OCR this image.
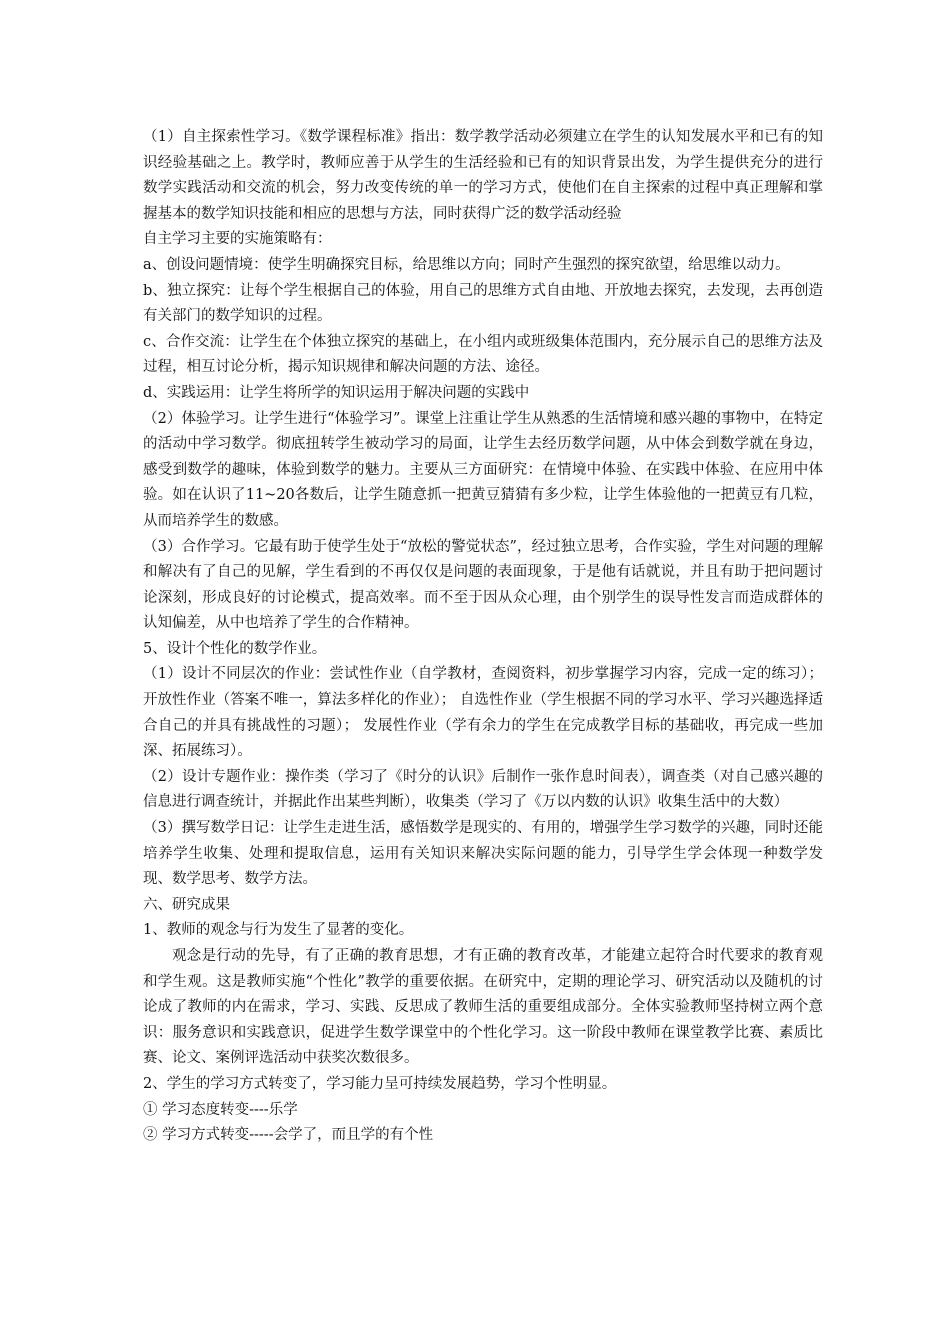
（1）自主探索性学习。《数学课程标准》指出：数学教学活动必须建立在学生的认知发展水平和已有的知识经验基础之上。教学时，教师应善于从学生的生活经验和已有的知识背景出发，为学生提供充分的进行数学实践活动和交流的机会，努力改变传统的单一的学习方式，使他们在自主探索的过程中真正理解和掌握基本的数学知识技能和相应的思想与方法，同时获得广泛的数学活动经验

自主学习主要的实施策略有：

a、创设问题情境：使学生明确探究目标，给思维以方向；同时产生强烈的探究欲望，给思维以动力。

b、独立探究：让每个学生根据自己的体验，用自己的思维方式自由地、开放地去探究，去发现，去再创造有关部门的数学知识的过程。

c、合作交流：让学生在个体独立探究的基础上，在小组内或班级集体范围内，充分展示自己的思维方法及过程，相互讨论分析，揭示知识规律和解决问题的方法、途径。

d、实践运用：让学生将所学的知识运用于解决问题的实践中

（2）体验学习。让学生进行“体验学习”。课堂上注重让学生从熟悉的生活情境和感兴趣的事物中，在特定的活动中学习数学。彻底扭转学生被动学习的局面，让学生去经历数学问题，从中体会到数学就在身边，感受到数学的趣味，体验到数学的魅力。主要从三方面研究：在情境中体验、在实践中体验、在应用中体验。如在认识了11~20各数后，让学生随意抓一把黄豆猜猜有多少粒，让学生体验他的一把黄豆有几粒，从而培养学生的数感。

（3）合作学习。它最有助于使学生处于“放松的警觉状态”，经过独立思考，合作实验，学生对问题的理解和解决有了自己的见解，学生看到的不再仅仅是问题的表面现象，于是他有话就说，并且有助于把问题讨论深刻，形成良好的讨论模式，提高效率。而不至于因从众心理，由个别学生的误导性发言而造成群体的认知偏差，从中也培养了学生的合作精神。

5、设计个性化的数学作业。

（1）设计不同层次的作业：尝试性作业（自学教材，查阅资料，初步掌握学习内容，完成一定的练习）； 开放性作业（答案不唯一，算法多样化的作业）； 自选性作业（学生根据不同的学习水平、学习兴趣选择适合自己的并具有挑战性的习题）； 发展性作业（学有余力的学生在完成教学目标的基础收，再完成一些加深、拓展练习）。

（2）设计专题作业：操作类（学习了《时分的认识》后制作一张作息时间表），调查类（对自己感兴趣的信息进行调查统计，并据此作出某些判断），收集类（学习了《万以内数的认识》收集生活中的大数）

（3）撰写数学日记：让学生走进生活，感悟数学是现实的、有用的，增强学生学习数学的兴趣，同时还能培养学生收集、处理和提取信息，运用有关知识来解决实际问题的能力，引导学生学会体现一种数学发现、数学思考、数学方法。

六、研究成果

1、教师的观念与行为发生了显著的变化。

观念是行动的先导，有了正确的教育思想，才有正确的教育改革，才能建立起符合时代要求的教育观和学生观。这是教师实施“个性化”教学的重要依据。在研究中，定期的理论学习、研究活动以及随机的讨论成了教师的内在需求，学习、实践、反思成了教师生活的重要组成部分。全体实验教师坚持树立两个意识：服务意识和实践意识，促进学生数学课堂中的个性化学习。这一阶段中教师在课堂教学比赛、素质比赛、论文、案例评选活动中获奖次数很多。

2、学生的学习方式转变了，学习能力呈可持续发展趋势，学习个性明显。

① 学习态度转变----乐学

② 学习方式转变-----会学了，而且学的有个性
